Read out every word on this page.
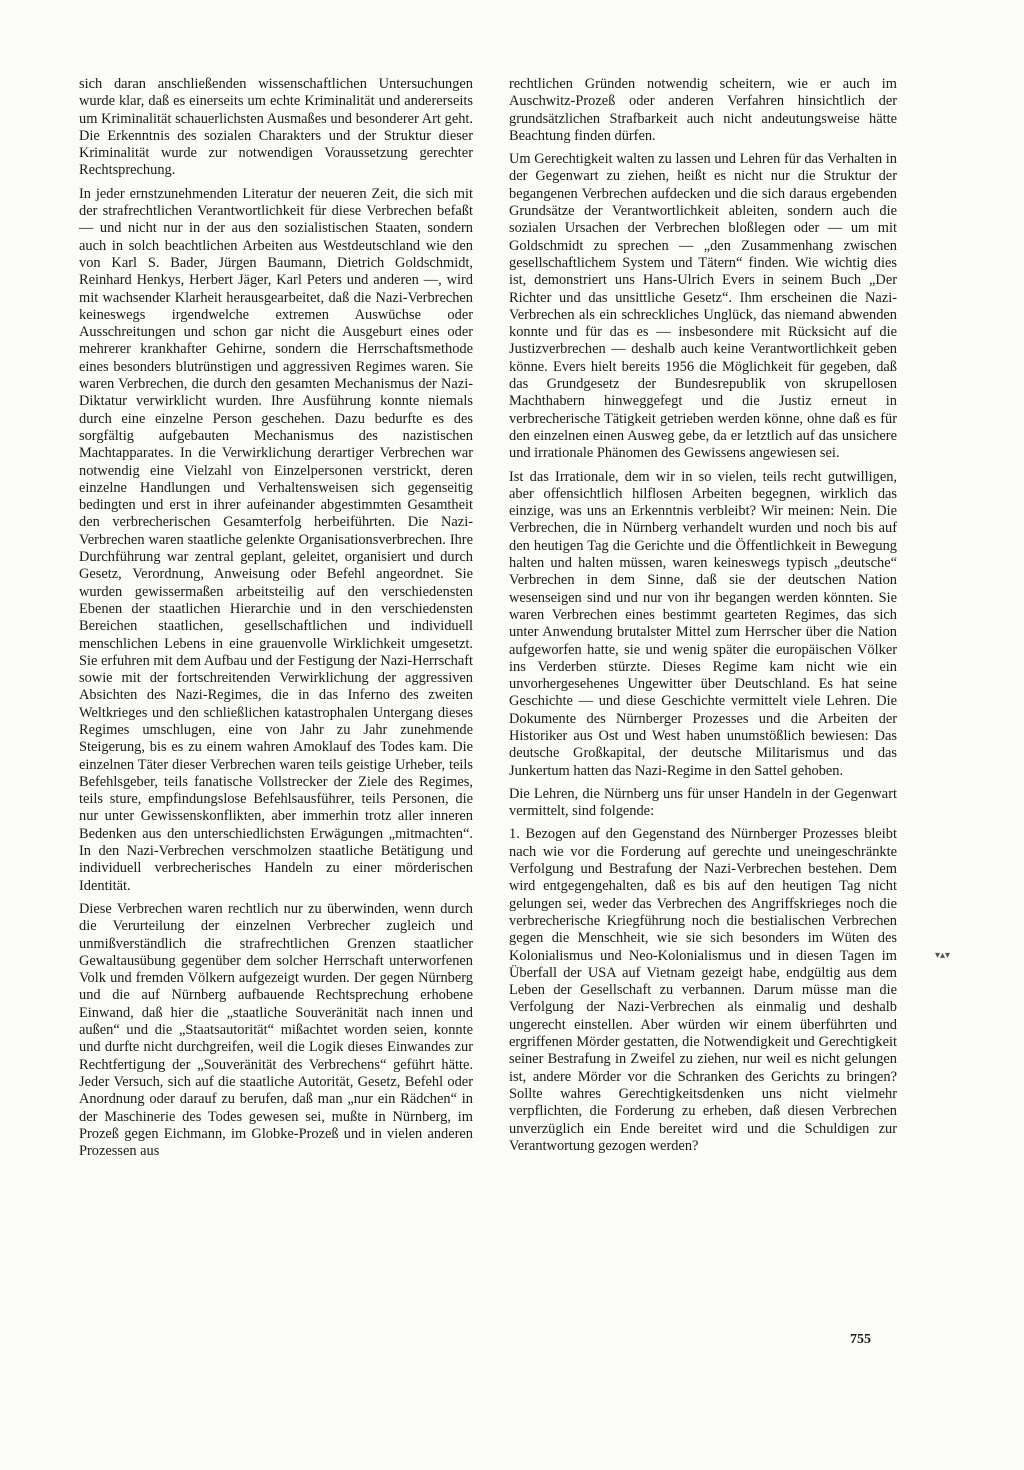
sich daran anschließenden wissenschaftlichen Untersuchungen wurde klar, daß es einerseits um echte Kriminalität und andererseits um Kriminalität schauerlichsten Ausmaßes und besonderer Art geht. Die Erkenntnis des sozialen Charakters und der Struktur dieser Kriminalität wurde zur notwendigen Voraussetzung gerechter Rechtsprechung.

In jeder ernstzunehmenden Literatur der neueren Zeit, die sich mit der strafrechtlichen Verantwortlichkeit für diese Verbrechen befaßt — und nicht nur in der aus den sozialistischen Staaten, sondern auch in solch beachtlichen Arbeiten aus Westdeutschland wie den von Karl S. Bader, Jürgen Baumann, Dietrich Goldschmidt, Reinhard Henkys, Herbert Jäger, Karl Peters und anderen —, wird mit wachsender Klarheit herausgearbeitet, daß die Nazi-Verbrechen keineswegs irgendwelche extremen Auswüchse oder Ausschreitungen und schon gar nicht die Ausgeburt eines oder mehrerer krankhafter Gehirne, sondern die Herrschaftsmethode eines besonders blutrünstigen und aggressiven Regimes waren. Sie waren Verbrechen, die durch den gesamten Mechanismus der Nazi-Diktatur verwirklicht wurden. Ihre Ausführung konnte niemals durch eine einzelne Person geschehen. Dazu bedurfte es des sorgfältig aufgebauten Mechanismus des nazistischen Machtapparates. In die Verwirklichung derartiger Verbrechen war notwendig eine Vielzahl von Einzelpersonen verstrickt, deren einzelne Handlungen und Verhaltensweisen sich gegenseitig bedingten und erst in ihrer aufeinander abgestimmten Gesamtheit den verbrecherischen Gesamterfolg herbeiführten. Die Nazi-Verbrechen waren staatliche gelenkte Organisationsverbrechen. Ihre Durchführung war zentral geplant, geleitet, organisiert und durch Gesetz, Verordnung, Anweisung oder Befehl angeordnet. Sie wurden gewissermaßen arbeitsteilig auf den verschiedensten Ebenen der staatlichen Hierarchie und in den verschiedensten Bereichen staatlichen, gesellschaftlichen und individuell menschlichen Lebens in eine grauenvolle Wirklichkeit umgesetzt. Sie erfuhren mit dem Aufbau und der Festigung der Nazi-Herrschaft sowie mit der fortschreitenden Verwirklichung der aggressiven Absichten des Nazi-Regimes, die in das Inferno des zweiten Weltkrieges und den schließlichen katastrophalen Untergang dieses Regimes umschlugen, eine von Jahr zu Jahr zunehmende Steigerung, bis es zu einem wahren Amoklauf des Todes kam. Die einzelnen Täter dieser Verbrechen waren teils geistige Urheber, teils Befehlsgeber, teils fanatische Vollstrecker der Ziele des Regimes, teils sture, empfindungslose Befehlsausführer, teils Personen, die nur unter Gewissenskonflikten, aber immerhin trotz aller inneren Bedenken aus den unterschiedlichsten Erwägungen „mitmachten“. In den Nazi-Verbrechen verschmolzen staatliche Betätigung und individuell verbrecherisches Handeln zu einer mörderischen Identität.

Diese Verbrechen waren rechtlich nur zu überwinden, wenn durch die Verurteilung der einzelnen Verbrecher zugleich und unmißverständlich die strafrechtlichen Grenzen staatlicher Gewaltausübung gegenüber dem solcher Herrschaft unterworfenen Volk und fremden Völkern aufgezeigt wurden. Der gegen Nürnberg und die auf Nürnberg aufbauende Rechtsprechung erhobene Einwand, daß hier die „staatliche Souveränität nach innen und außen“ und die „Staatsautorität“ mißachtet worden seien, konnte und durfte nicht durchgreifen, weil die Logik dieses Einwandes zur Rechtfertigung der „Souveränität des Verbrechens“ geführt hätte. Jeder Versuch, sich auf die staatliche Autorität, Gesetz, Befehl oder Anordnung oder darauf zu berufen, daß man „nur ein Rädchen“ in der Maschinerie des Todes gewesen sei, mußte in Nürnberg, im Prozeß gegen Eichmann, im Globke-Prozeß und in vielen anderen Prozessen aus

rechtlichen Gründen notwendig scheitern, wie er auch im Auschwitz-Prozeß oder anderen Verfahren hinsichtlich der grundsätzlichen Strafbarkeit auch nicht andeutungsweise hätte Beachtung finden dürfen.

Um Gerechtigkeit walten zu lassen und Lehren für das Verhalten in der Gegenwart zu ziehen, heißt es nicht nur die Struktur der begangenen Verbrechen aufdecken und die sich daraus ergebenden Grundsätze der Verantwortlichkeit ableiten, sondern auch die sozialen Ursachen der Verbrechen bloßlegen oder — um mit Goldschmidt zu sprechen — „den Zusammenhang zwischen gesellschaftlichem System und Tätern“ finden. Wie wichtig dies ist, demonstriert uns Hans-Ulrich Evers in seinem Buch „Der Richter und das unsittliche Gesetz“. Ihm erscheinen die Nazi-Verbrechen als ein schreckliches Unglück, das niemand abwenden konnte und für das es — insbesondere mit Rücksicht auf die Justizverbrechen — deshalb auch keine Verantwortlichkeit geben könne. Evers hielt bereits 1956 die Möglichkeit für gegeben, daß das Grundgesetz der Bundesrepublik von skrupellosen Machthabern hinweggefegt und die Justiz erneut in verbrecherische Tätigkeit getrieben werden könne, ohne daß es für den einzelnen einen Ausweg gebe, da er letztlich auf das unsichere und irrationale Phänomen des Gewissens angewiesen sei.

Ist das Irrationale, dem wir in so vielen, teils recht gutwilligen, aber offensichtlich hilflosen Arbeiten begegnen, wirklich das einzige, was uns an Erkenntnis verbleibt? Wir meinen: Nein. Die Verbrechen, die in Nürnberg verhandelt wurden und noch bis auf den heutigen Tag die Gerichte und die Öffentlichkeit in Bewegung halten und halten müssen, waren keineswegs typisch „deutsche“ Verbrechen in dem Sinne, daß sie der deutschen Nation wesenseigen sind und nur von ihr begangen werden könnten. Sie waren Verbrechen eines bestimmt gearteten Regimes, das sich unter Anwendung brutalster Mittel zum Herrscher über die Nation aufgeworfen hatte, sie und wenig später die europäischen Völker ins Verderben stürzte. Dieses Regime kam nicht wie ein unvorhergesehenes Ungewitter über Deutschland. Es hat seine Geschichte — und diese Geschichte vermittelt viele Lehren. Die Dokumente des Nürnberger Prozesses und die Arbeiten der Historiker aus Ost und West haben unumstößlich bewiesen: Das deutsche Großkapital, der deutsche Militarismus und das Junkertum hatten das Nazi-Regime in den Sattel gehoben.

Die Lehren, die Nürnberg uns für unser Handeln in der Gegenwart vermittelt, sind folgende:

1. Bezogen auf den Gegenstand des Nürnberger Prozesses bleibt nach wie vor die Forderung auf gerechte und uneingeschränkte Verfolgung und Bestrafung der Nazi-Verbrechen bestehen. Dem wird entgegengehalten, daß es bis auf den heutigen Tag nicht gelungen sei, weder das Verbrechen des Angriffskrieges noch die verbrecherische Kriegführung noch die bestialischen Verbrechen gegen die Menschheit, wie sie sich besonders im Wüten des Kolonialismus und Neo-Kolonialismus und in diesen Tagen im Überfall der USA auf Vietnam gezeigt habe, endgültig aus dem Leben der Gesellschaft zu verbannen. Darum müsse man die Verfolgung der Nazi-Verbrechen als einmalig und deshalb ungerecht einstellen. Aber würden wir einem überführten und ergriffenen Mörder gestatten, die Notwendigkeit und Gerechtigkeit seiner Bestrafung in Zweifel zu ziehen, nur weil es nicht gelungen ist, andere Mörder vor die Schranken des Gerichts zu bringen? Sollte wahres Gerechtigkeitsdenken uns nicht vielmehr verpflichten, die Forderung zu erheben, daß diesen Verbrechen unverzüglich ein Ende bereitet wird und die Schuldigen zur Verantwortung gezogen werden?

▾▴▾
755
